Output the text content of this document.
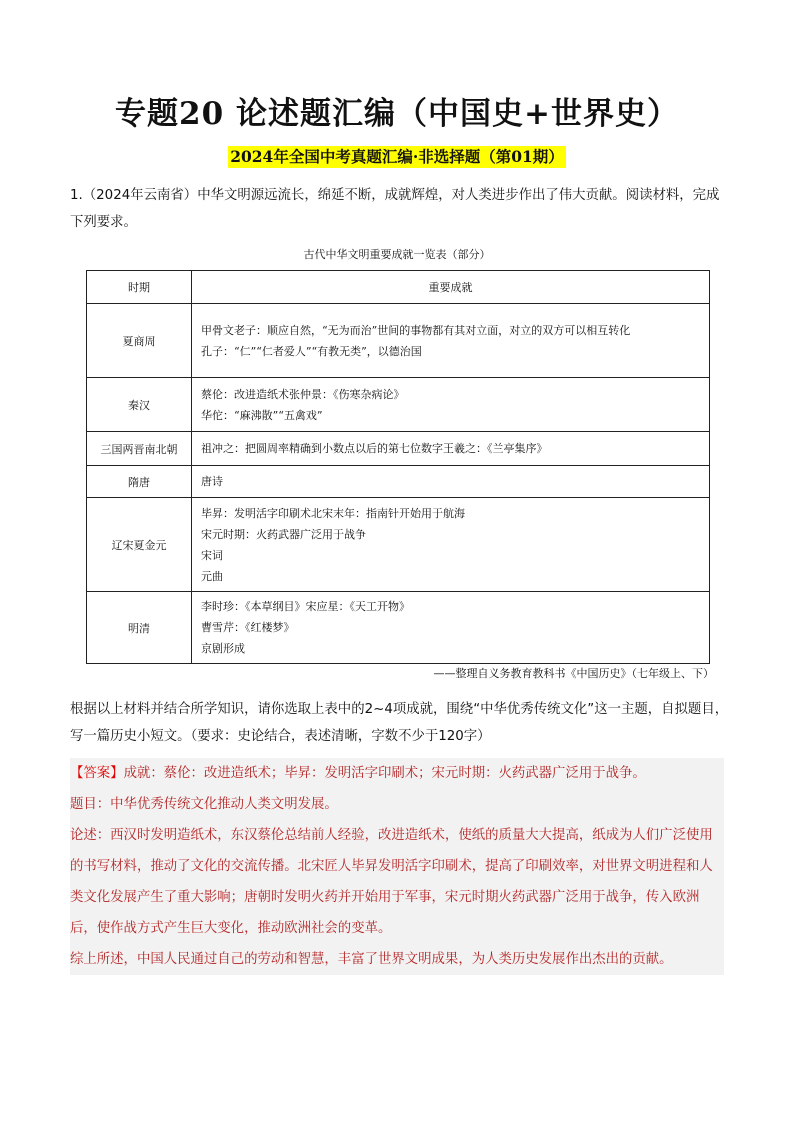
专题20 论述题汇编（中国史+世界史）
2024年全国中考真题汇编·非选择题（第01期）
1.（2024年云南省）中华文明源远流长，绵延不断，成就辉煌，对人类进步作出了伟大贡献。阅读材料，完成下列要求。
古代中华文明重要成就一览表（部分）
时期	重要成就
夏商周	甲骨文老子：顺应自然，“无为而治”世间的事物都有其对立面，对立的双方可以相互转化
孔子：“仁”“仁者爱人”“有教无类”，以德治国

秦汉	蔡伦：改进造纸术张仲景：《伤寒杂病论》
华佗：“麻沸散”“五禽戏”

三国两晋南北朝	祖冲之：把圆周率精确到小数点以后的第七位数字王羲之：《兰亭集序》

隋唐	唐诗

辽宋夏金元	毕昇：发明活字印刷术北宋末年：指南针开始用于航海
宋元时期：火药武器广泛用于战争
宋词
元曲

明清	李时珍：《本草纲目》宋应星：《天工开物》
曹雪芹：《红楼梦》
京剧形成
——整理自义务教育教科书《中国历史》（七年级上、下）
根据以上材料并结合所学知识，请你选取上表中的2~4项成就，围绕“中华优秀传统文化”这一主题，自拟题目，写一篇历史小短文。（要求：史论结合，表述清晰，字数不少于120字）

【答案】成就：蔡伦：改进造纸术；毕昇：发明活字印刷术；宋元时期：火药武器广泛用于战争。

题目：中华优秀传统文化推动人类文明发展。

论述：西汉时发明造纸术，东汉蔡伦总结前人经验，改进造纸术，使纸的质量大大提高，纸成为人们广泛使用的书写材料，推动了文化的交流传播。北宋匠人毕昇发明活字印刷术，提高了印刷效率，对世界文明进程和人类文化发展产生了重大影响；唐朝时发明火药并开始用于军事，宋元时期火药武器广泛用于战争，传入欧洲后，使作战方式产生巨大变化，推动欧洲社会的变革。

综上所述，中国人民通过自己的劳动和智慧，丰富了世界文明成果，为人类历史发展作出杰出的贡献。
